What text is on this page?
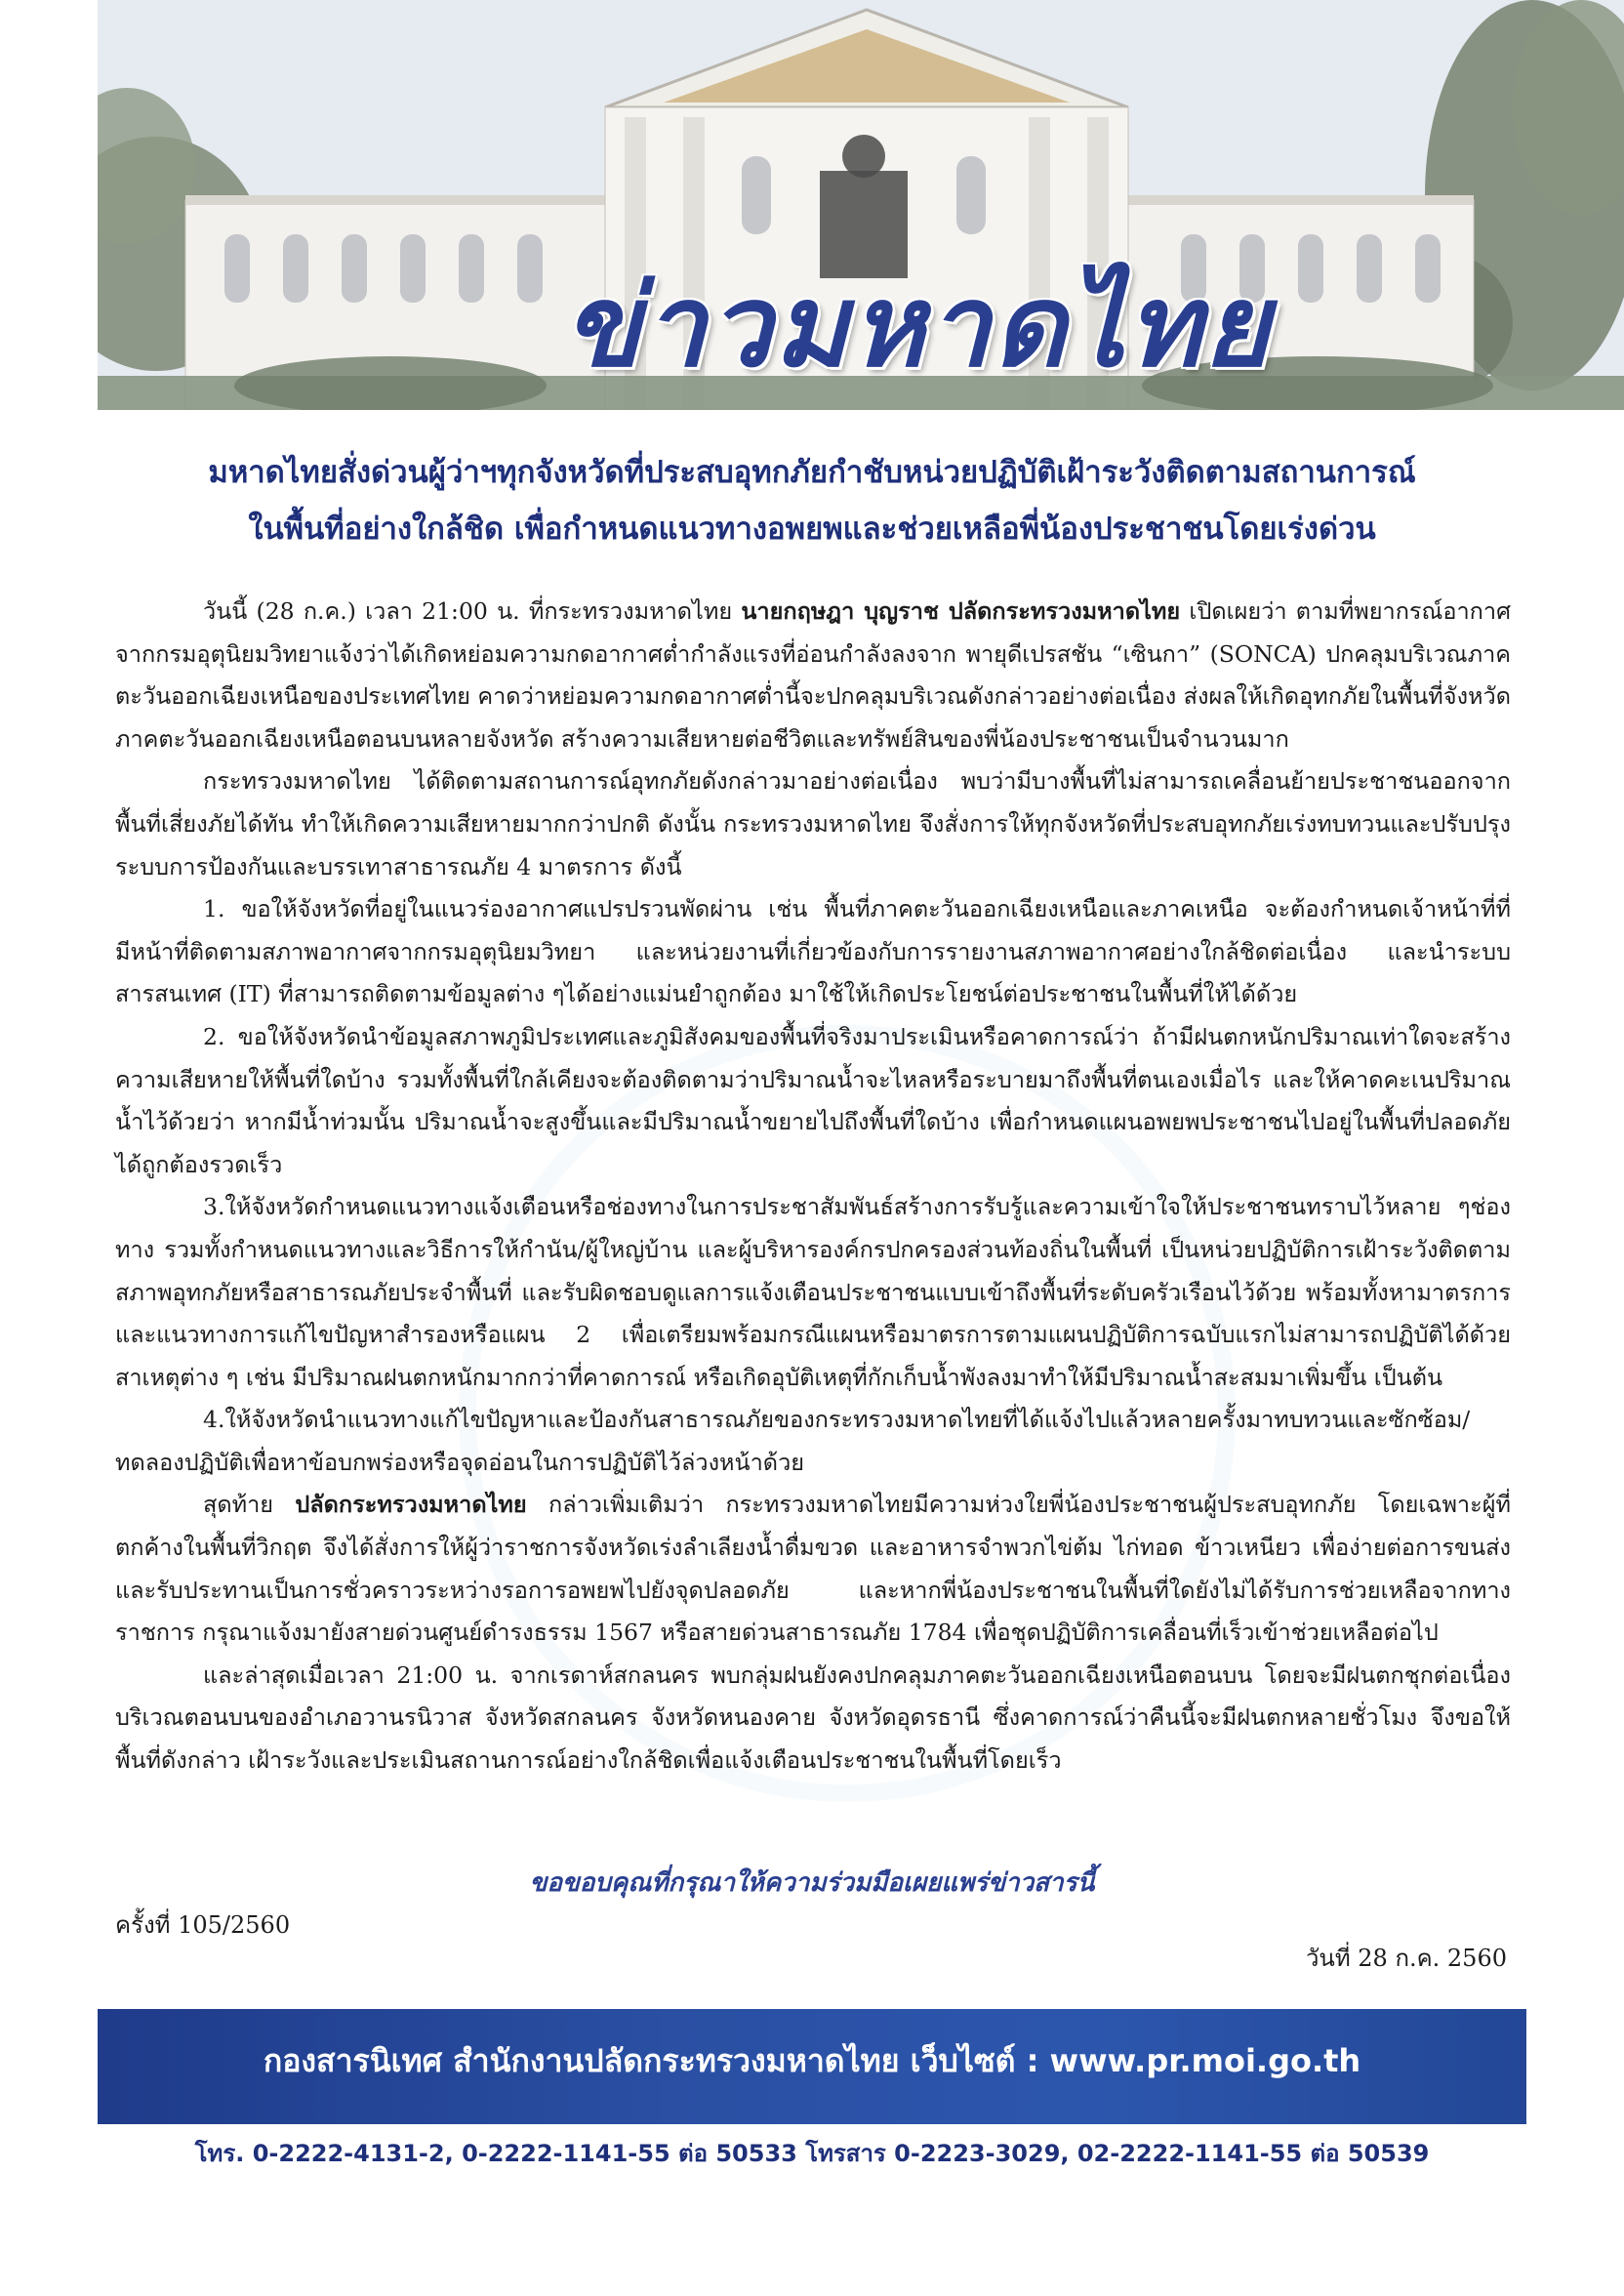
ข่าวมหาดไทย
มหาดไทยสั่งด่วนผู้ว่าฯทุกจังหวัดที่ประสบอุทกภัยกำชับหน่วยปฏิบัติเฝ้าระวังติดตามสถานการณ์
ในพื้นที่อย่างใกล้ชิด เพื่อกำหนดแนวทางอพยพและช่วยเหลือพี่น้องประชาชนโดยเร่งด่วน

วันนี้ (28 ก.ค.) เวลา 21:00 น. ที่กระทรวงมหาดไทย นายกฤษฎา บุญราช ปลัดกระทรวงมหาดไทย เปิดเผยว่า ตามที่พยากรณ์อากาศจากกรมอุตุนิยมวิทยาแจ้งว่าได้เกิดหย่อมความกดอากาศต่ำกำลังแรงที่อ่อนกำลังลงจาก พายุดีเปรสชัน “เซินกา” (SONCA) ปกคลุมบริเวณภาคตะวันออกเฉียงเหนือของประเทศไทย คาดว่าหย่อมความกดอากาศต่ำนี้จะปกคลุมบริเวณดังกล่าวอย่างต่อเนื่อง ส่งผลให้เกิดอุทกภัยในพื้นที่จังหวัดภาคตะวันออกเฉียงเหนือตอนบนหลายจังหวัด สร้างความเสียหายต่อชีวิตและทรัพย์สินของพี่น้องประชาชนเป็นจำนวนมาก

กระทรวงมหาดไทย ได้ติดตามสถานการณ์อุทกภัยดังกล่าวมาอย่างต่อเนื่อง พบว่ามีบางพื้นที่ไม่สามารถเคลื่อนย้ายประชาชนออกจากพื้นที่เสี่ยงภัยได้ทัน ทำให้เกิดความเสียหายมากกว่าปกติ ดังนั้น กระทรวงมหาดไทย จึงสั่งการให้ทุกจังหวัดที่ประสบอุทกภัยเร่งทบทวนและปรับปรุงระบบการป้องกันและบรรเทาสาธารณภัย 4 มาตรการ ดังนี้

1. ขอให้จังหวัดที่อยู่ในแนวร่องอากาศแปรปรวนพัดผ่าน เช่น พื้นที่ภาคตะวันออกเฉียงเหนือและภาคเหนือ จะต้องกำหนดเจ้าหน้าที่ที่มีหน้าที่ติดตามสภาพอากาศจากกรมอุตุนิยมวิทยา และหน่วยงานที่เกี่ยวข้องกับการรายงานสภาพอากาศอย่างใกล้ชิดต่อเนื่อง และนำระบบสารสนเทศ (IT) ที่สามารถติดตามข้อมูลต่าง ๆได้อย่างแม่นยำถูกต้อง มาใช้ให้เกิดประโยชน์ต่อประชาชนในพื้นที่ให้ได้ด้วย

2. ขอให้จังหวัดนำข้อมูลสภาพภูมิประเทศและภูมิสังคมของพื้นที่จริงมาประเมินหรือคาดการณ์ว่า ถ้ามีฝนตกหนักปริมาณเท่าใดจะสร้างความเสียหายให้พื้นที่ใดบ้าง รวมทั้งพื้นที่ใกล้เคียงจะต้องติดตามว่าปริมาณน้ำจะไหลหรือระบายมาถึงพื้นที่ตนเองเมื่อไร และให้คาดคะเนปริมาณน้ำไว้ด้วยว่า หากมีน้ำท่วมนั้น ปริมาณน้ำจะสูงขึ้นและมีปริมาณน้ำขยายไปถึงพื้นที่ใดบ้าง เพื่อกำหนดแผนอพยพประชาชนไปอยู่ในพื้นที่ปลอดภัยได้ถูกต้องรวดเร็ว

3.ให้จังหวัดกำหนดแนวทางแจ้งเตือนหรือช่องทางในการประชาสัมพันธ์สร้างการรับรู้และความเข้าใจให้ประชาชนทราบไว้หลาย ๆช่องทาง รวมทั้งกำหนดแนวทางและวิธีการให้กำนัน/ผู้ใหญ่บ้าน และผู้บริหารองค์กรปกครองส่วนท้องถิ่นในพื้นที่ เป็นหน่วยปฏิบัติการเฝ้าระวังติดตามสภาพอุทกภัยหรือสาธารณภัยประจำพื้นที่ และรับผิดชอบดูแลการแจ้งเตือนประชาชนแบบเข้าถึงพื้นที่ระดับครัวเรือนไว้ด้วย พร้อมทั้งหามาตรการและแนวทางการแก้ไขปัญหาสำรองหรือแผน 2 เพื่อเตรียมพร้อมกรณีแผนหรือมาตรการตามแผนปฏิบัติการฉบับแรกไม่สามารถปฏิบัติได้ด้วยสาเหตุต่าง ๆ เช่น มีปริมาณฝนตกหนักมากกว่าที่คาดการณ์ หรือเกิดอุบัติเหตุที่กักเก็บน้ำพังลงมาทำให้มีปริมาณน้ำสะสมมาเพิ่มขึ้น เป็นต้น

4.ให้จังหวัดนำแนวทางแก้ไขปัญหาและป้องกันสาธารณภัยของกระทรวงมหาดไทยที่ได้แจ้งไปแล้วหลายครั้งมาทบทวนและซักซ้อม/ทดลองปฏิบัติเพื่อหาข้อบกพร่องหรือจุดอ่อนในการปฏิบัติไว้ล่วงหน้าด้วย

สุดท้าย ปลัดกระทรวงมหาดไทย กล่าวเพิ่มเติมว่า กระทรวงมหาดไทยมีความห่วงใยพี่น้องประชาชนผู้ประสบอุทกภัย โดยเฉพาะผู้ที่ตกค้างในพื้นที่วิกฤต จึงได้สั่งการให้ผู้ว่าราชการจังหวัดเร่งลำเลียงน้ำดื่มขวด และอาหารจำพวกไข่ต้ม ไก่ทอด ข้าวเหนียว เพื่อง่ายต่อการขนส่ง และรับประทานเป็นการชั่วคราวระหว่างรอการอพยพไปยังจุดปลอดภัย และหากพี่น้องประชาชนในพื้นที่ใดยังไม่ได้รับการช่วยเหลือจากทางราชการ กรุณาแจ้งมายังสายด่วนศูนย์ดำรงธรรม 1567 หรือสายด่วนสาธารณภัย 1784 เพื่อชุดปฏิบัติการเคลื่อนที่เร็วเข้าช่วยเหลือต่อไป

และล่าสุดเมื่อเวลา 21:00 น. จากเรดาห์สกลนคร พบกลุ่มฝนยังคงปกคลุมภาคตะวันออกเฉียงเหนือตอนบน โดยจะมีฝนตกชุกต่อเนื่องบริเวณตอนบนของอำเภอวานรนิวาส จังหวัดสกลนคร จังหวัดหนองคาย จังหวัดอุดรธานี ซึ่งคาดการณ์ว่าคืนนี้จะมีฝนตกหลายชั่วโมง จึงขอให้พื้นที่ดังกล่าว เฝ้าระวังและประเมินสถานการณ์อย่างใกล้ชิดเพื่อแจ้งเตือนประชาชนในพื้นที่โดยเร็ว

ขอขอบคุณที่กรุณาให้ความร่วมมือเผยแพร่ข่าวสารนี้
ครั้งที่ 105/2560
วันที่ 28 ก.ค. 2560
กองสารนิเทศ สำนักงานปลัดกระทรวงมหาดไทย เว็บไซต์ : www.pr.moi.go.th
โทร. 0-2222-4131-2, 0-2222-1141-55 ต่อ 50533 โทรสาร 0-2223-3029, 02-2222-1141-55 ต่อ 50539
